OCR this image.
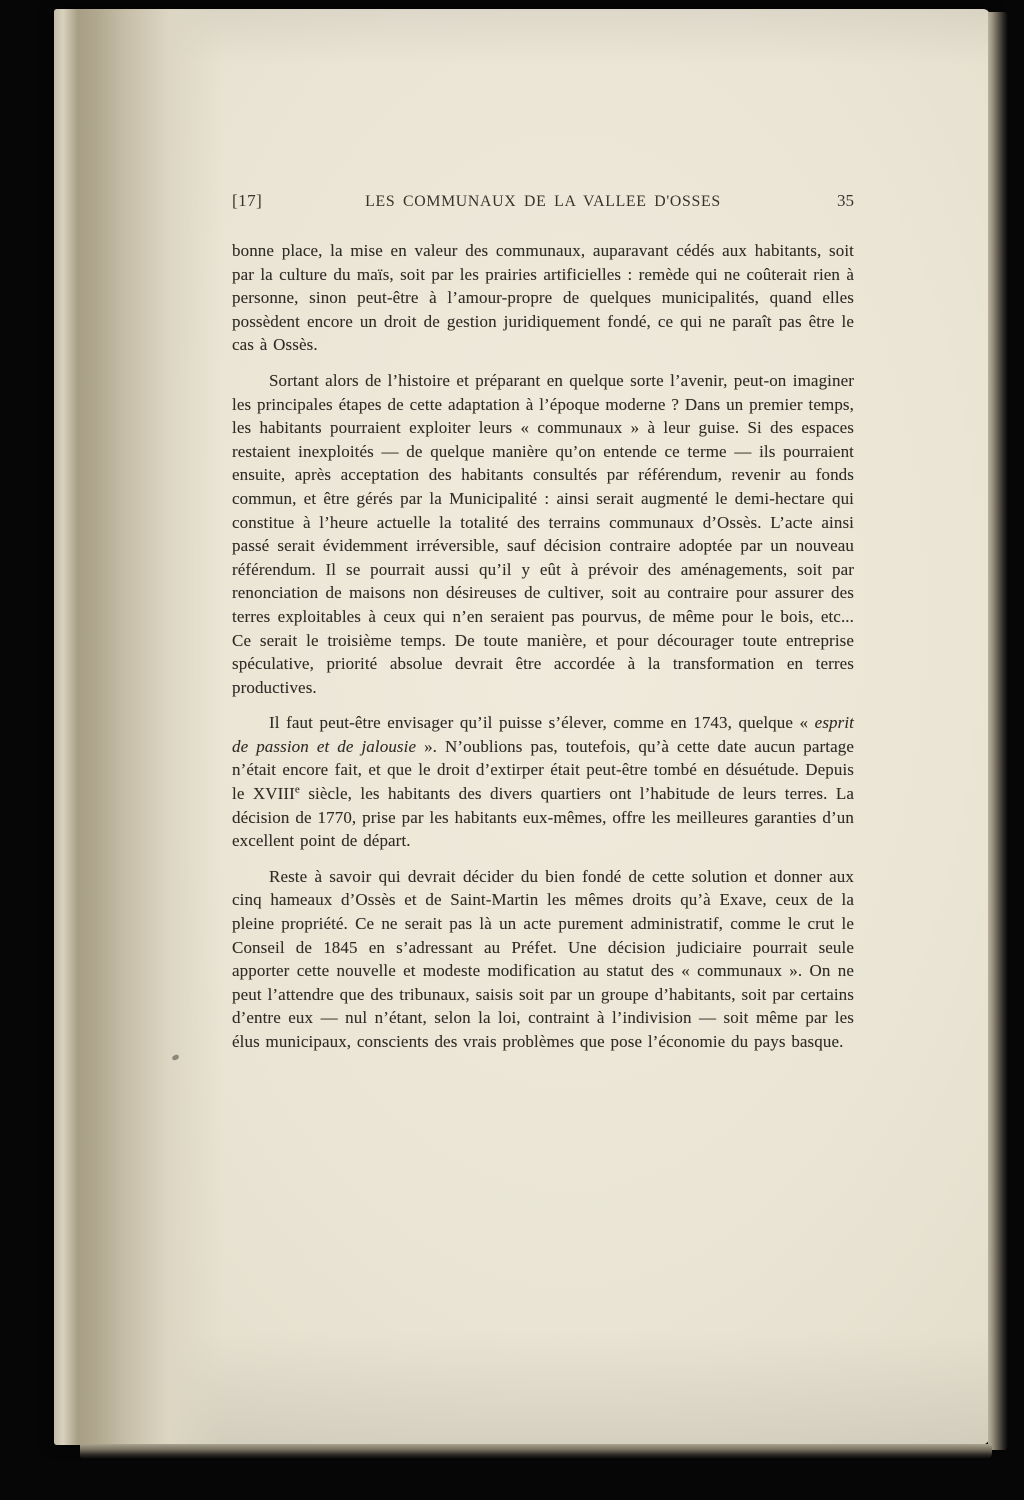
[17]	LES COMMUNAUX DE LA VALLEE D'OSSES	35

bonne place, la mise en valeur des communaux, auparavant cédés aux habitants, soit par la culture du maïs, soit par les prairies artificielles : remède qui ne coûterait rien à personne, sinon peut-être à l’amour-propre de quelques municipalités, quand elles possèdent encore un droit de gestion juridiquement fondé, ce qui ne paraît pas être le cas à Ossès.

Sortant alors de l’histoire et préparant en quelque sorte l’avenir, peut-on imaginer les principales étapes de cette adaptation à l’époque moderne ? Dans un premier temps, les habitants pourraient exploiter leurs « communaux » à leur guise. Si des espaces restaient inexploités — de quelque manière qu’on entende ce terme — ils pourraient ensuite, après acceptation des habitants consultés par référendum, revenir au fonds commun, et être gérés par la Municipalité : ainsi serait augmenté le demi-hectare qui constitue à l’heure actuelle la totalité des terrains communaux d’Ossès. L’acte ainsi passé serait évidemment irréversible, sauf décision contraire adoptée par un nouveau référendum. Il se pourrait aussi qu’il y eût à prévoir des aménagements, soit par renonciation de maisons non désireuses de cultiver, soit au contraire pour assurer des terres exploitables à ceux qui n’en seraient pas pourvus, de même pour le bois, etc... Ce serait le troisième temps. De toute manière, et pour décourager toute entreprise spéculative, priorité absolue devrait être accordée à la transformation en terres productives.

Il faut peut-être envisager qu’il puisse s’élever, comme en 1743, quelque « esprit de passion et de jalousie ». N’oublions pas, toutefois, qu’à cette date aucun partage n’était encore fait, et que le droit d’extirper était peut-être tombé en désuétude. Depuis le XVIIIe siècle, les habitants des divers quartiers ont l’habitude de leurs terres. La décision de 1770, prise par les habitants eux-mêmes, offre les meilleures garanties d’un excellent point de départ.

Reste à savoir qui devrait décider du bien fondé de cette solution et donner aux cinq hameaux d’Ossès et de Saint-Martin les mêmes droits qu’à Exave, ceux de la pleine propriété. Ce ne serait pas là un acte purement administratif, comme le crut le Conseil de 1845 en s’adressant au Préfet. Une décision judiciaire pourrait seule apporter cette nouvelle et modeste modification au statut des « communaux ». On ne peut l’attendre que des tribunaux, saisis soit par un groupe d’habitants, soit par certains d’entre eux — nul n’étant, selon la loi, contraint à l’indivision — soit même par les élus municipaux, conscients des vrais problèmes que pose l’économie du pays basque.
